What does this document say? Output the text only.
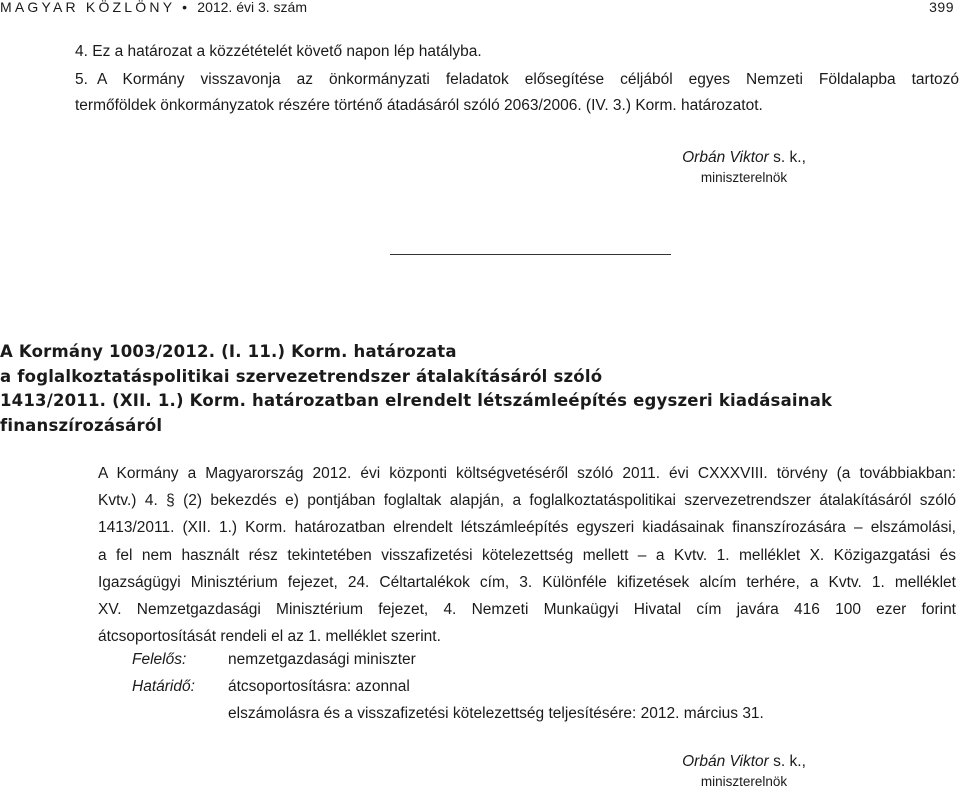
MAGYAR KÖZLÖNY • 2012. évi 3. szám	399

4. Ez a határozat a közzétételét követő napon lép hatályba.

5. A Kormány visszavonja az önkormányzati feladatok elősegítése céljából egyes Nemzeti Földalapba tartozó
termőföldek önkormányzatok részére történő átadásáról szóló 2063/2006. (IV. 3.) Korm. határozatot.
Orbán Viktor s. k.,
miniszterelnök
A Kormány 1003/2012. (I. 11.) Korm. határozata
a foglalkoztatáspolitikai szervezetrendszer átalakításáról szóló
1413/2011. (XII. 1.) Korm. határozatban elrendelt létszámleépítés egyszeri kiadásainak
finanszírozásáról
A Kormány a Magyarország 2012. évi központi költségvetéséről szóló 2011. évi CXXXVIII. törvény (a továbbiakban:
Kvtv.) 4. § (2) bekezdés e) pontjában foglaltak alapján, a foglalkoztatáspolitikai szervezetrendszer átalakításáról szóló
1413/2011. (XII. 1.) Korm. határozatban elrendelt létszámleépítés egyszeri kiadásainak finanszírozására – elszámolási,
a fel nem használt rész tekintetében visszafizetési kötelezettség mellett – a Kvtv. 1. melléklet X. Közigazgatási és
Igazságügyi Minisztérium fejezet, 24. Céltartalékok cím, 3. Különféle kifizetések alcím terhére, a Kvtv. 1. melléklet
XV. Nemzetgazdasági Minisztérium fejezet, 4. Nemzeti Munkaügyi Hivatal cím javára 416 100 ezer forint
átcsoportosítását rendeli el az 1. melléklet szerint.
Felelős:	nemzetgazdasági miniszter
Határidő: átcsoportosításra: azonnal
elszámolásra és a visszafizetési kötelezettség teljesítésére: 2012. március 31.
Orbán Viktor s. k.,
miniszterelnök
